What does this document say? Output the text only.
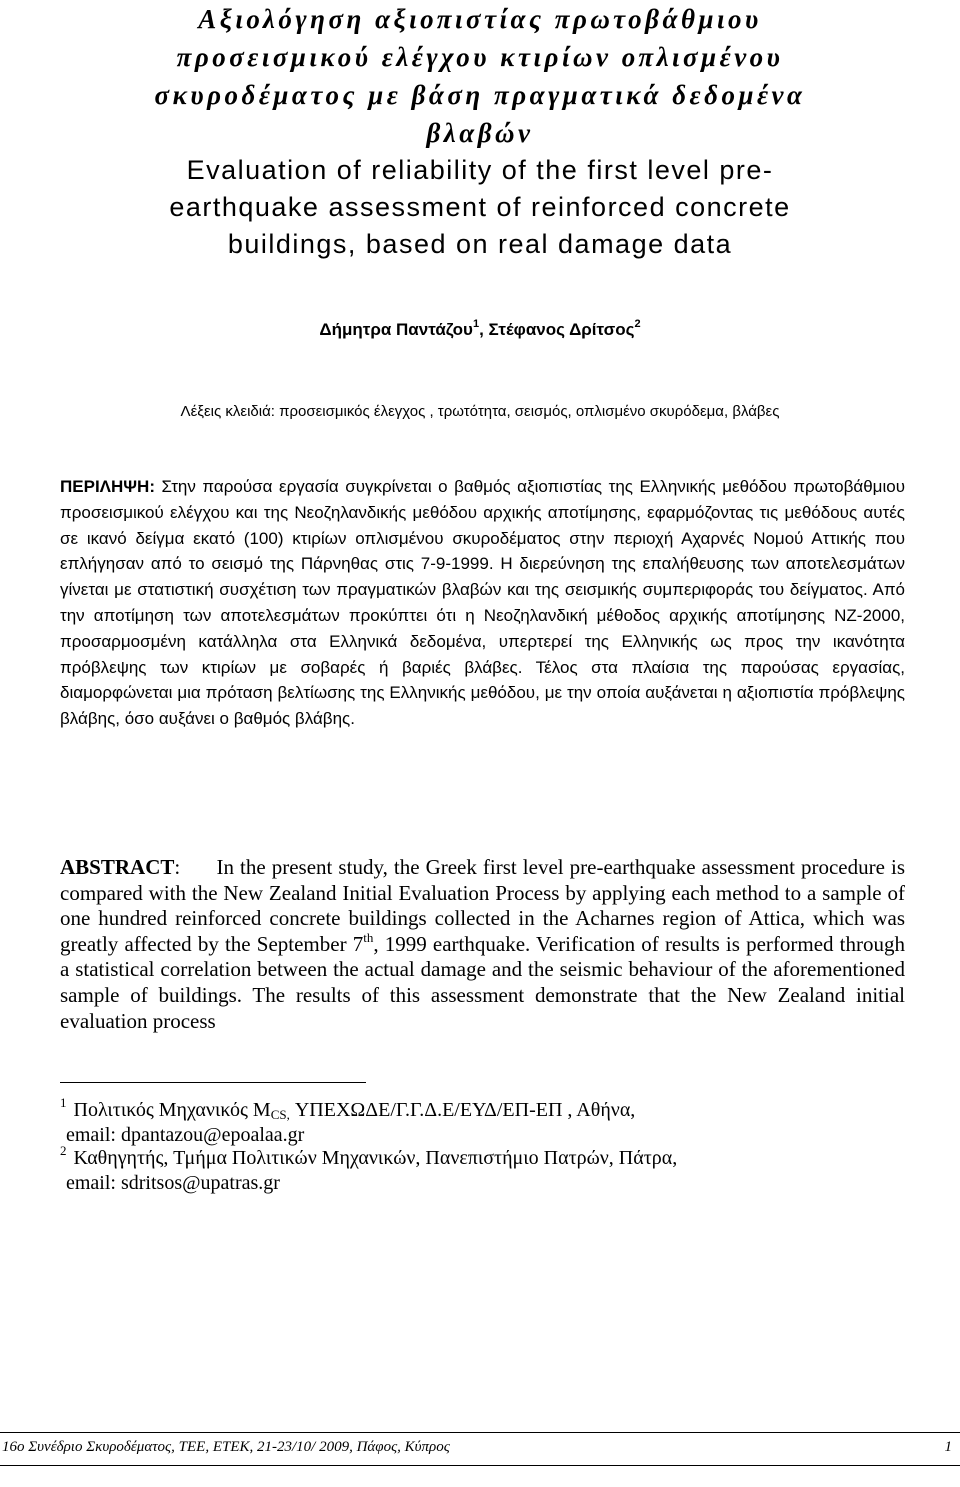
Αξιολόγηση αξιοπιστίας πρωτοβάθμιου
προσεισμικού ελέγχου κτιρίων οπλισμένου
σκυροδέματος με βάση πραγματικά δεδομένα
βλαβών
Evaluation of reliability of the first level pre-
earthquake assessment of reinforced concrete
buildings, based on real damage data
Δήμητρα Παντάζου$^1$, Στέφανος Δρίτσος$^2$
Λέξεις κλειδιά: προσεισμικός έλεγχος , τρωτότητα, σεισμός, οπλισμένο σκυρόδεμα, βλάβες
ΠΕΡΙΛΗΨΗ: Στην παρούσα εργασία συγκρίνεται ο βαθμός αξιοπιστίας της Ελληνικής μεθόδου πρωτοβάθμιου προσεισμικού ελέγχου και της Νεοζηλανδικής μεθόδου αρχικής αποτίμησης, εφαρμόζοντας τις μεθόδους αυτές σε ικανό δείγμα εκατό (100) κτιρίων οπλισμένου σκυροδέματος στην περιοχή Αχαρνές Νομού Αττικής που επλήγησαν από το σεισμό της Πάρνηθας στις 7-9-1999. Η διερεύνηση της επαλήθευσης των αποτελεσμάτων γίνεται με στατιστική συσχέτιση των πραγματικών βλαβών και της σεισμικής συμπεριφοράς του δείγματος. Από την αποτίμηση των αποτελεσμάτων προκύπτει ότι η Νεοζηλανδική μέθοδος αρχικής αποτίμησης NZ-2000, προσαρμοσμένη κατάλληλα στα Ελληνικά δεδομένα, υπερτερεί της Ελληνικής ως προς την ικανότητα πρόβλεψης των κτιρίων με σοβαρές ή βαριές βλάβες. Τέλος στα πλαίσια της παρούσας εργασίας, διαμορφώνεται μια πρόταση βελτίωσης της Ελληνικής μεθόδου, με την οποία αυξάνεται η αξιοπιστία πρόβλεψης βλάβης, όσο αυξάνει ο βαθμός βλάβης.
ABSTRACT: In the present study, the Greek first level pre-earthquake assessment procedure is compared with the New Zealand Initial Evaluation Process by applying each method to a sample of one hundred reinforced concrete buildings collected in the Acharnes region of Attica, which was greatly affected by the September 7th, 1999 earthquake. Verification of results is performed through a statistical correlation between the actual damage and the seismic behaviour of the aforementioned sample of buildings. The results of this assessment demonstrate that the New Zealand initial evaluation process
$^1$ Πολιτικός Μηχανικός $M_{CS,}$ ΥΠΕΧΩΔΕ/Γ.Γ.Δ.Ε/ΕΥΔ/ΕΠ-ΕΠ , Αθήνα,
email: dpantazou@epoalaa.gr
$^2$ Καθηγητής, Τμήμα Πολιτικών Μηχανικών, Πανεπιστήμιο Πατρών, Πάτρα,
email: sdritsos@upatras.gr
16ο Συνέδριο Σκυροδέματος, ΤΕΕ, ΕΤΕΚ, 21-23/10/ 2009, Πάφος, Κύπρος	1
